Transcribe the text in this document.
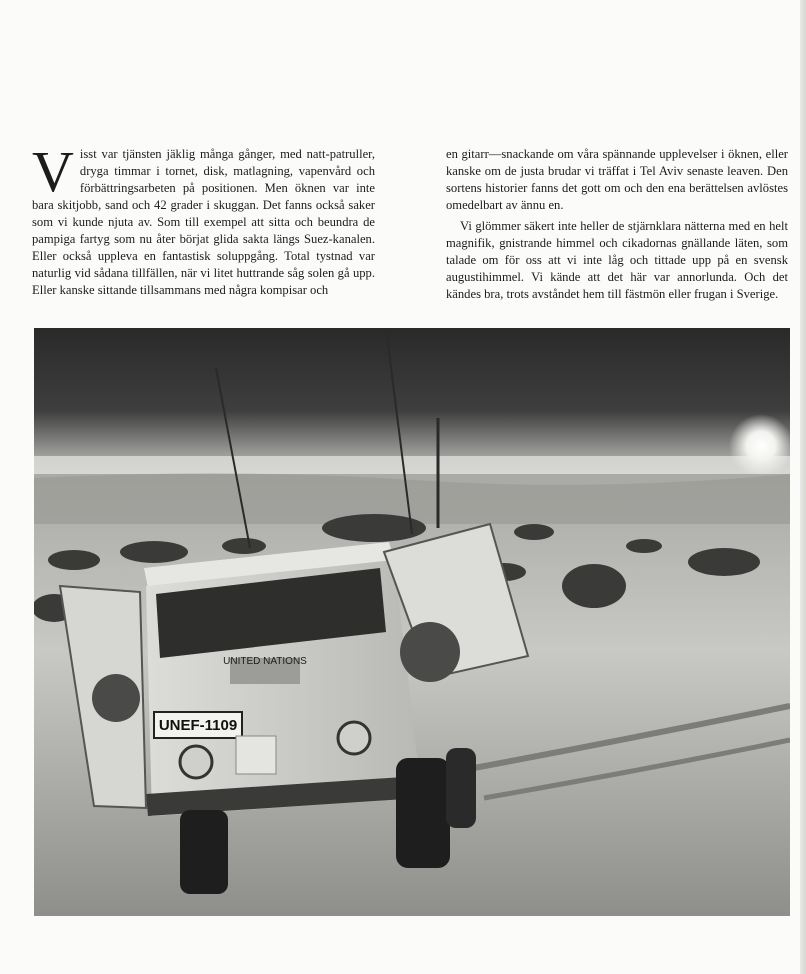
Visst var tjänsten jäklig många gånger, med natt-patruller, dryga timmar i tornet, disk, matlagning, vapenvård och förbättringsarbeten på positionen. Men öknen var inte bara skitjobb, sand och 42 grader i skuggan. Det fanns också saker som vi kunde njuta av. Som till exempel att sitta och beundra de pampiga fartyg som nu åter börjat glida sakta längs Suez-kanalen. Eller också uppleva en fantastisk soluppgång. Total tystnad var naturlig vid sådana tillfällen, när vi litet huttrande såg solen gå upp. Eller kanske sittande tillsammans med några kompisar och

en gitarr—snackande om våra spännande upplevelser i öknen, eller kanske om de justa brudar vi träffat i Tel Aviv senaste leaven. Den sortens historier fanns det gott om och den ena berättelsen avlöstes omedelbart av ännu en.

Vi glömmer säkert inte heller de stjärnklara nätterna med en helt magnifik, gnistrande himmel och cikadornas gnällande läten, som talade om för oss att vi inte låg och tittade upp på en svensk augustihimmel. Vi kände att det här var annorlunda. Och det kändes bra, trots avståndet hem till fästmön eller frugan i Sverige.

UNITED NATIONS
UNEF-1109
